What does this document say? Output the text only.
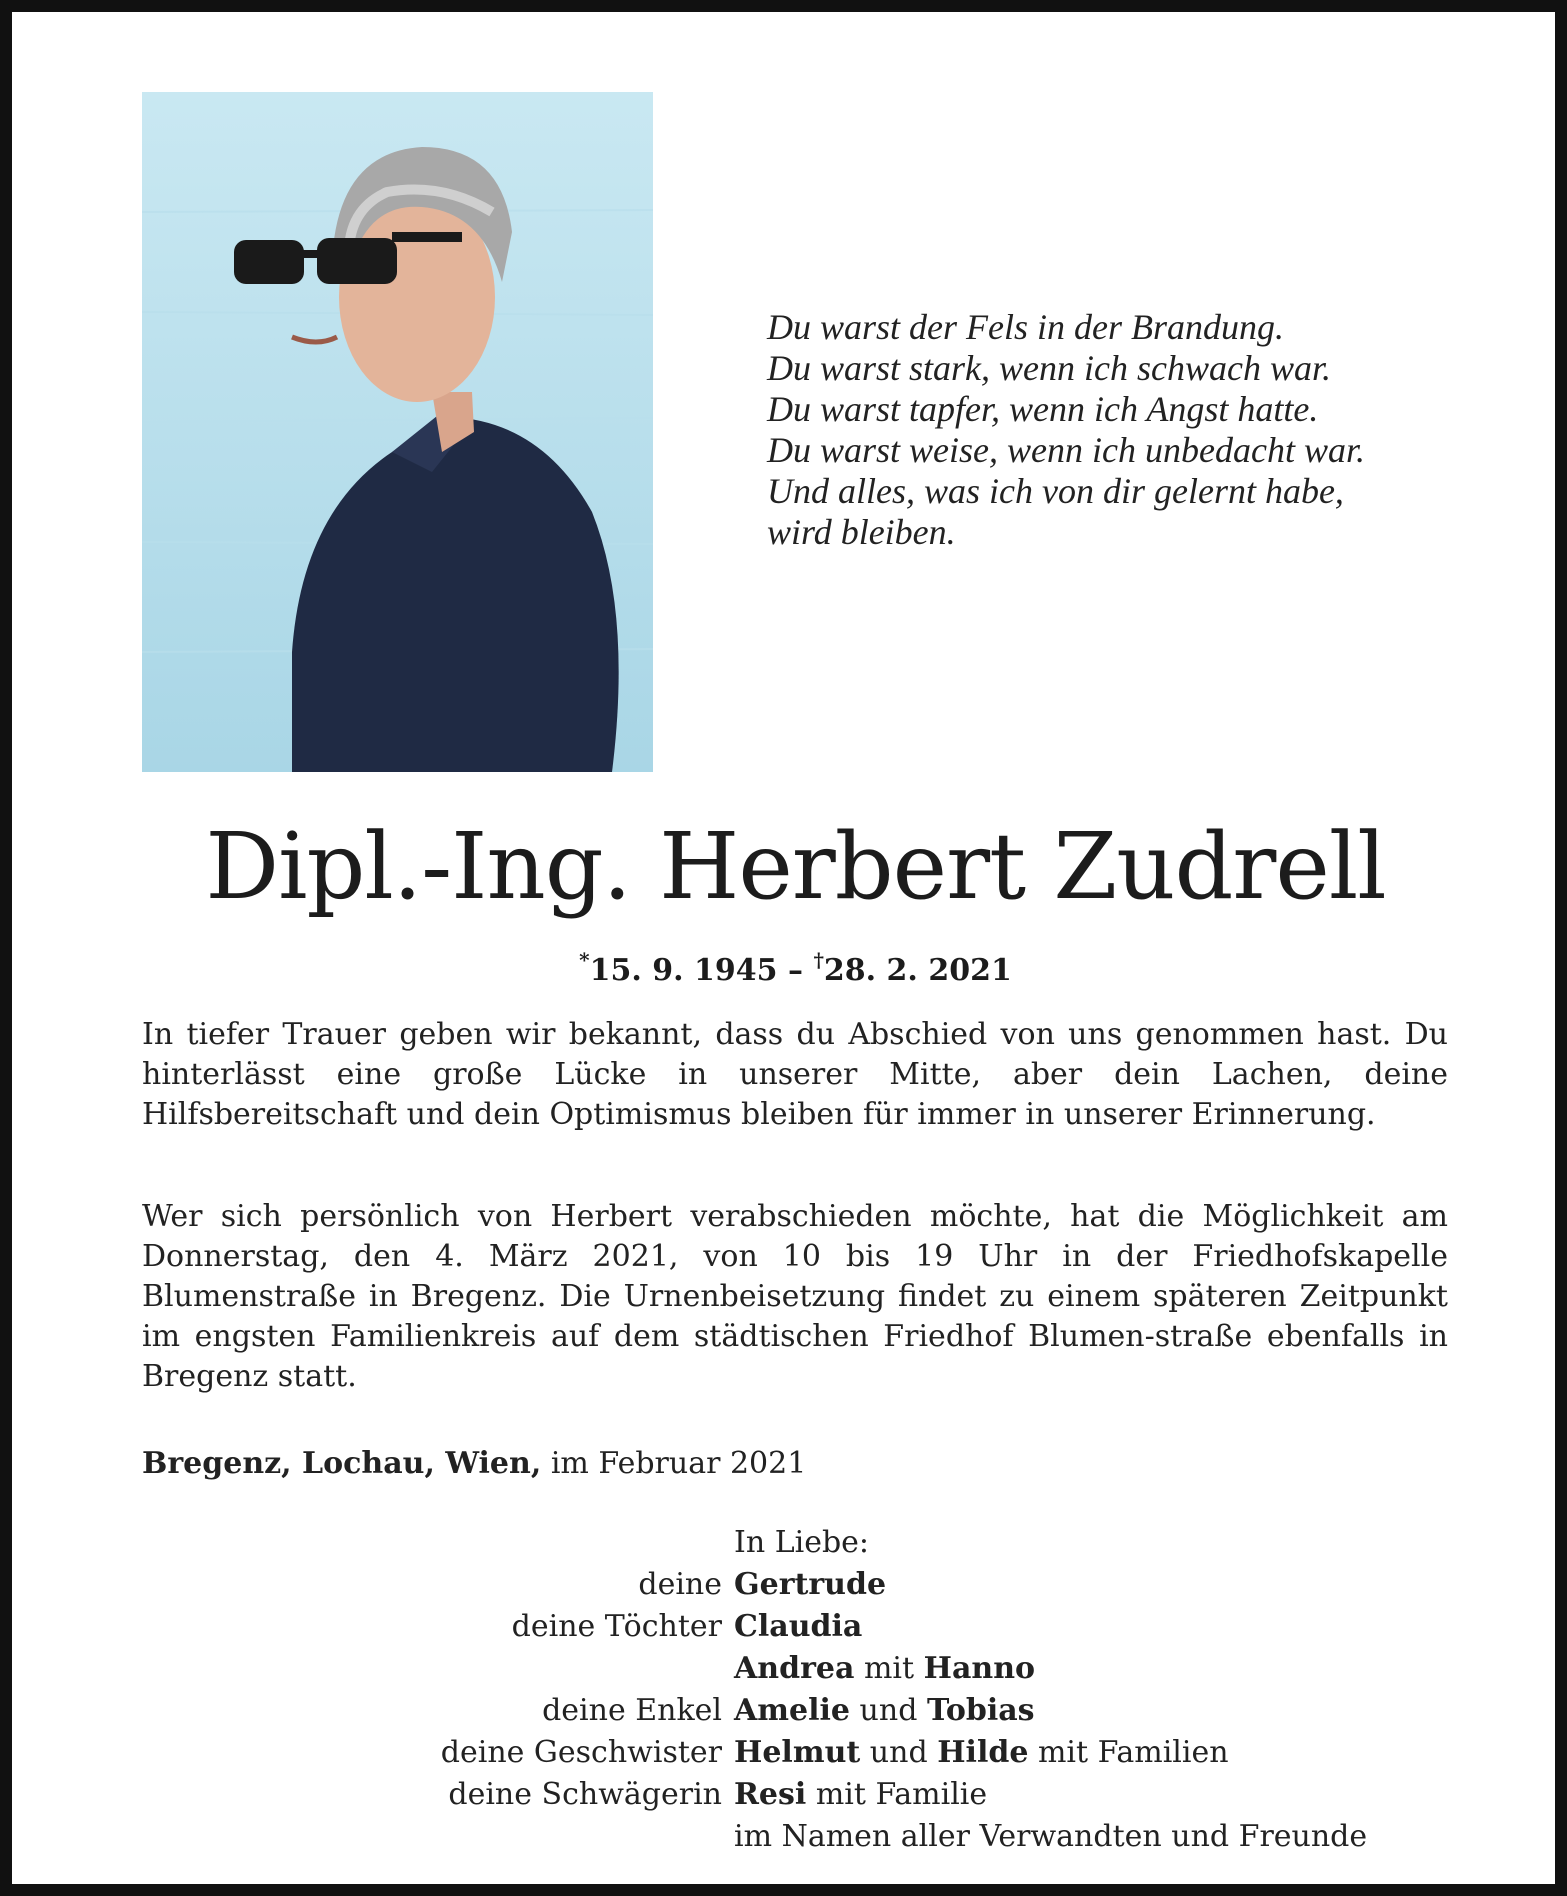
Du warst der Fels in der Brandung.
Du warst stark, wenn ich schwach war.
Du warst tapfer, wenn ich Angst hatte.
Du warst weise, wenn ich unbedacht war.
Und alles, was ich von dir gelernt habe,
wird bleiben.
Dipl.-Ing. Herbert Zudrell
*15. 9. 1945 – †28. 2. 2021
In tiefer Trauer geben wir bekannt, dass du Abschied von uns genommen hast. Du hinterlässt eine große Lücke in unserer Mitte, aber dein Lachen, deine Hilfsbereitschaft und dein Optimismus bleiben für immer in unserer Erinnerung.
Wer sich persönlich von Herbert verabschieden möchte, hat die Möglichkeit am Donnerstag, den 4. März 2021, von 10 bis 19 Uhr in der Friedhofskapelle Blumenstraße in Bregenz. Die Urnenbeisetzung findet zu einem späteren Zeitpunkt im engsten Familienkreis auf dem städtischen Friedhof Blumen-straße ebenfalls in Bregenz statt.
Bregenz, Lochau, Wien, im Februar 2021
In Liebe:
deine Gertrude
deine Töchter Claudia
Andrea mit Hanno
deine Enkel Amelie und Tobias
deine Geschwister Helmut und Hilde mit Familien
deine Schwägerin Resi mit Familie
im Namen aller Verwandten und Freunde
